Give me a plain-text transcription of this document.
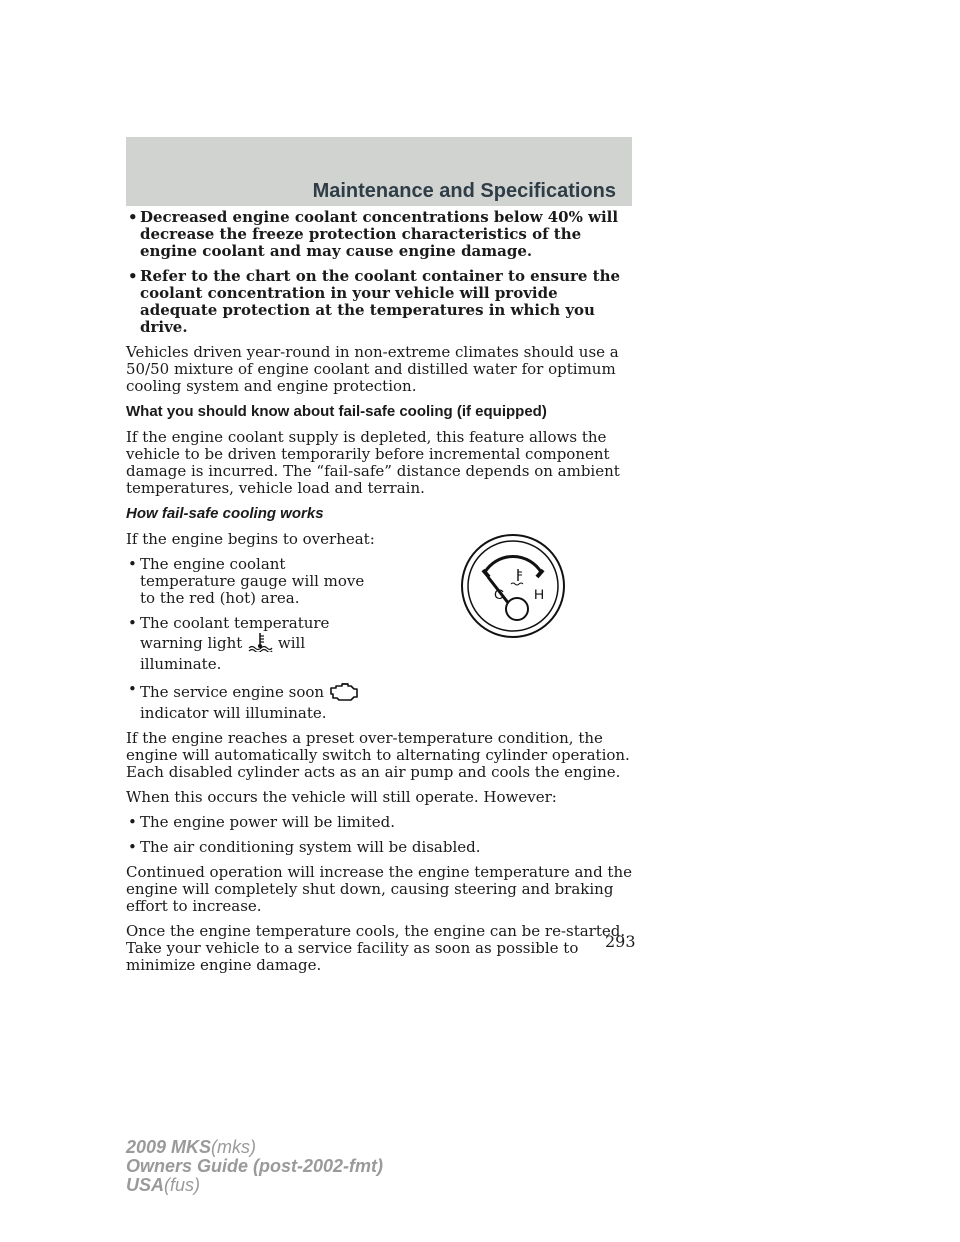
Maintenance and Specifications
• Decreased engine coolant concentrations below 40% will decrease the freeze protection characteristics of the engine coolant and may cause engine damage.
• Refer to the chart on the coolant container to ensure the coolant concentration in your vehicle will provide adequate protection at the temperatures in which you drive.

Vehicles driven year-round in non-extreme climates should use a 50/50 mixture of engine coolant and distilled water for optimum cooling system and engine protection.

What you should know about fail-safe cooling (if equipped)

If the engine coolant supply is depleted, this feature allows the vehicle to be driven temporarily before incremental component damage is incurred. The “fail-safe” distance depends on ambient temperatures, vehicle load and terrain.

How fail-safe cooling works

If the engine begins to overheat:

• The engine coolant temperature gauge will move to the red (hot) area.
• The coolant temperature warning light will illuminate.
• The service engine soon
indicator will illuminate.

If the engine reaches a preset over-temperature condition, the engine will automatically switch to alternating cylinder operation. Each disabled cylinder acts as an air pump and cools the engine.

When this occurs the vehicle will still operate. However:

• The engine power will be limited.
• The air conditioning system will be disabled.

Continued operation will increase the engine temperature and the engine will completely shut down, causing steering and braking effort to increase.

Once the engine temperature cools, the engine can be re-started. Take your vehicle to a service facility as soon as possible to minimize engine damage.

C H
293
2009 MKS(mks)
Owners Guide (post-2002-fmt)
USA(fus)
